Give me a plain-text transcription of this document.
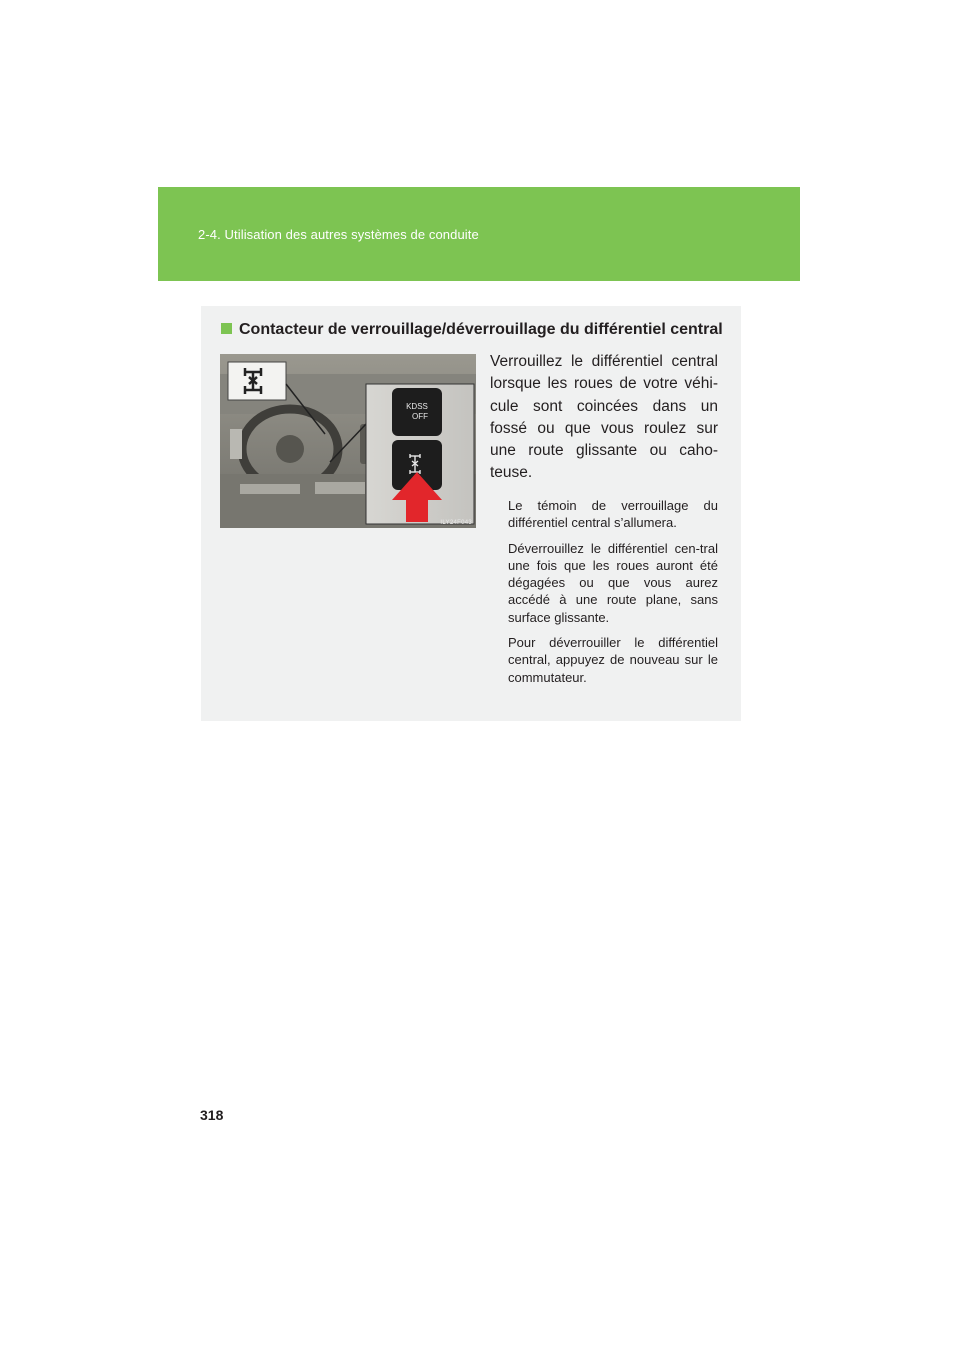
2-4. Utilisation des autres systèmes de conduite
Contacteur de verrouillage/déverrouillage du différentiel central
KDSS
OFF
ILY24F043
Verrouillez le différentiel central lorsque les roues de votre véhi-cule sont coincées dans un fossé ou que vous roulez sur une route glissante ou caho-teuse.

Le témoin de verrouillage du différentiel central s’allumera.

Déverrouillez le différentiel cen-tral une fois que les roues auront été dégagées ou que vous aurez accédé à une route plane, sans surface glissante.

Pour déverrouiller le différentiel central, appuyez de nouveau sur le commutateur.

318
